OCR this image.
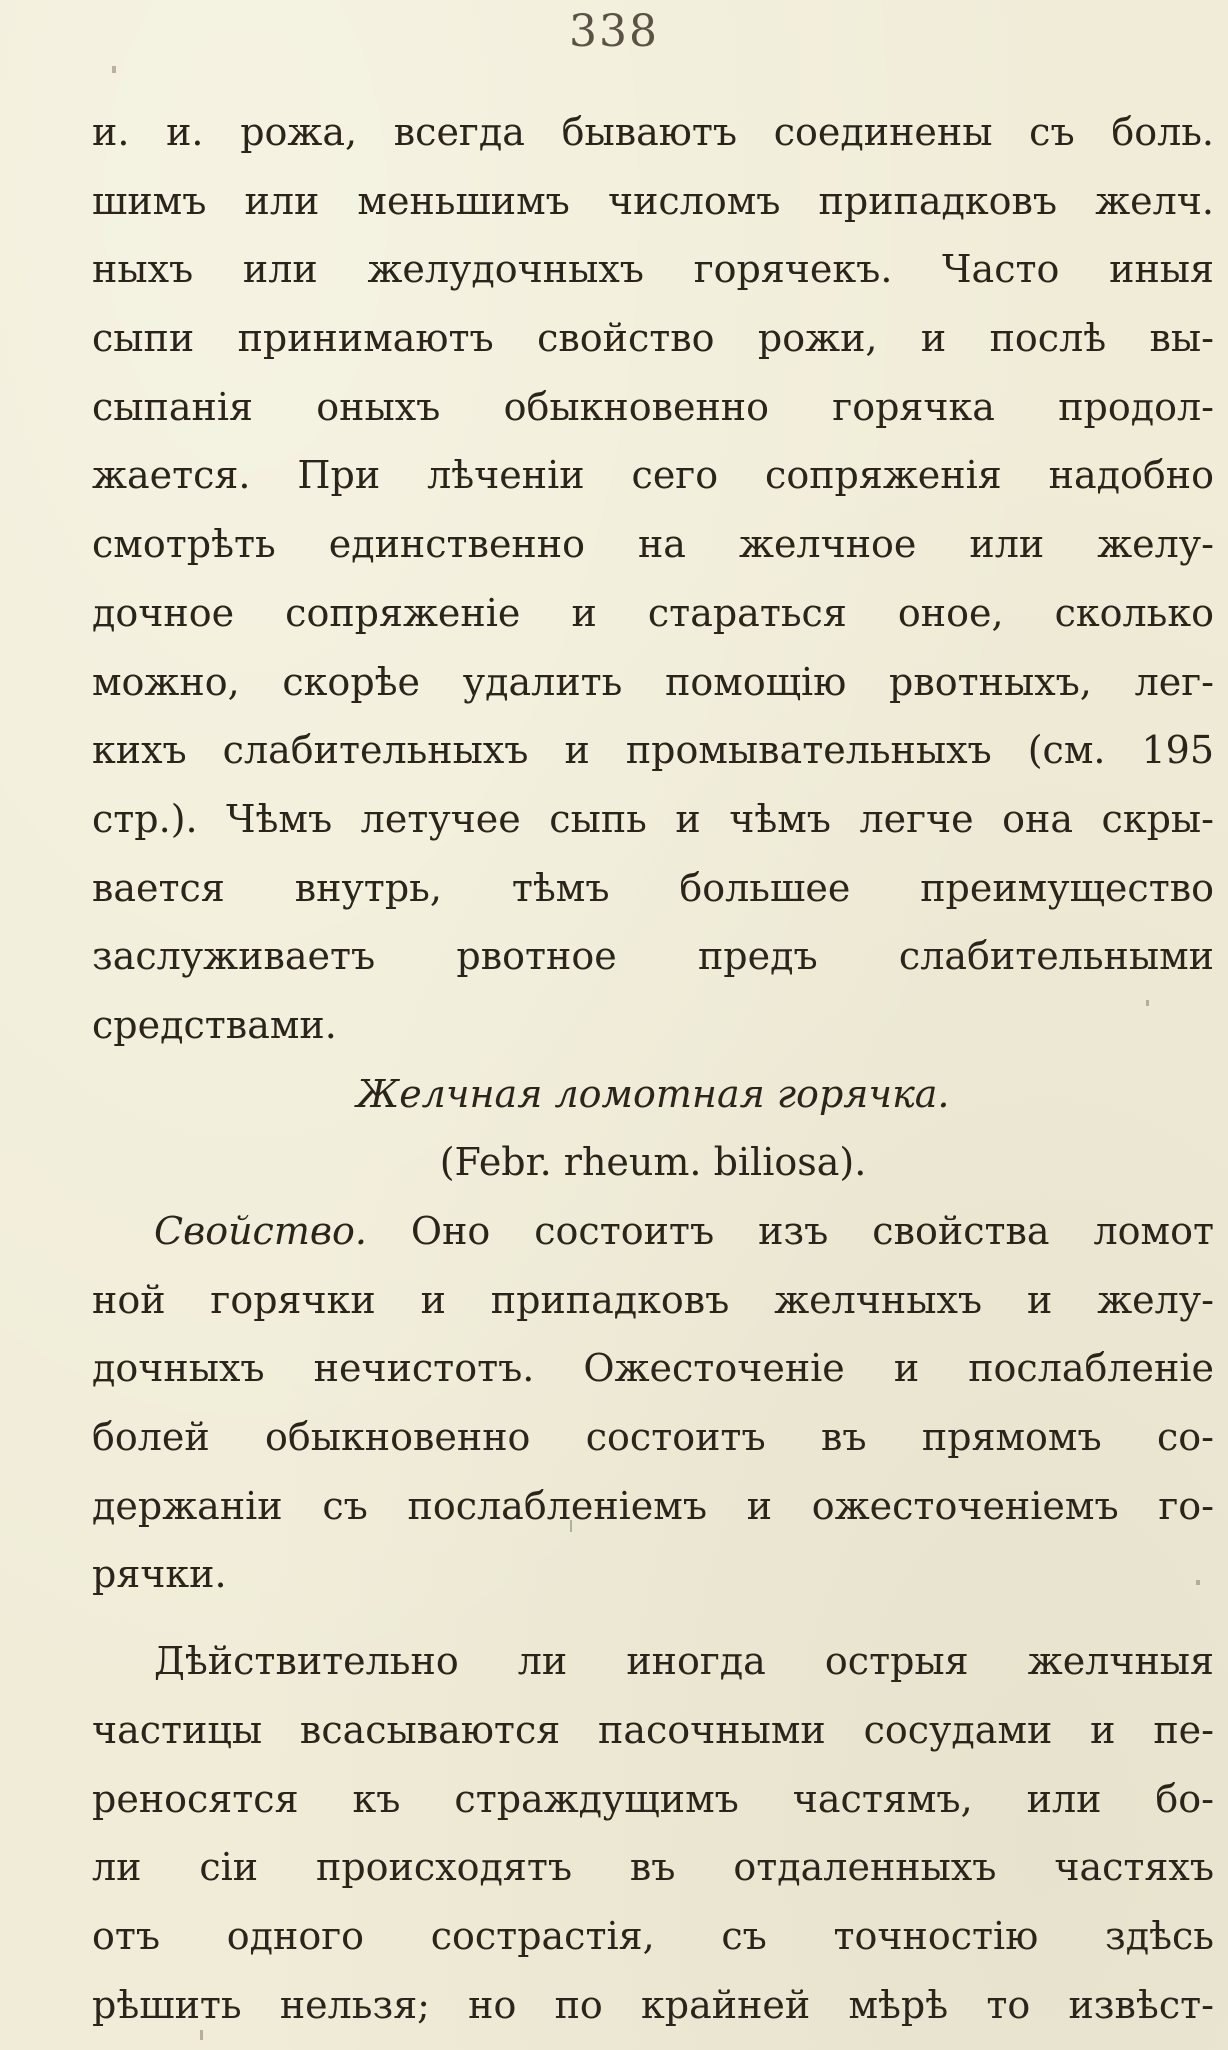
338
и. и. рожа, всегда бываютъ соединены съ боль.
шимъ или меньшимъ числомъ припадковъ желч.
ныхъ или желудочныхъ горячекъ. Часто иныя
сыпи принимаютъ свойство рожи, и послѣ вы-
сыпанія оныхъ обыкновенно горячка продол-
жается. При лѣченіи сего сопряженія надобно
смотрѣть единственно на желчное или желу-
дочное сопряженіе и стараться оное, сколько
можно, скорѣе удалить помощію рвотныхъ, лег-
кихъ слабительныхъ и промывательныхъ (см. 195
стр.). Чѣмъ летучее сыпь и чѣмъ легче она скры-
вается внутрь, тѣмъ большее преимущество
заслуживаетъ рвотное предъ слабительными
средствами.
Желчная ломотная горячка.
(Febr. rheum. biliosa).
Свойство. Оно состоитъ изъ свойства ломот
ной горячки и припадковъ желчныхъ и желу-
дочныхъ нечистотъ. Ожесточеніе и послабленіе
болей обыкновенно состоитъ въ прямомъ со-
держаніи съ послабленіемъ и ожесточеніемъ го-
рячки.
Дѣйствительно ли иногда острыя желчныя
частицы всасываются пасочными сосудами и пе-
реносятся къ страждущимъ частямъ, или бо-
ли сіи происходятъ въ отдаленныхъ частяхъ
отъ одного сострастія, съ точностію здѣсь
рѣшить нельзя; но по крайней мѣрѣ то извѣст-
